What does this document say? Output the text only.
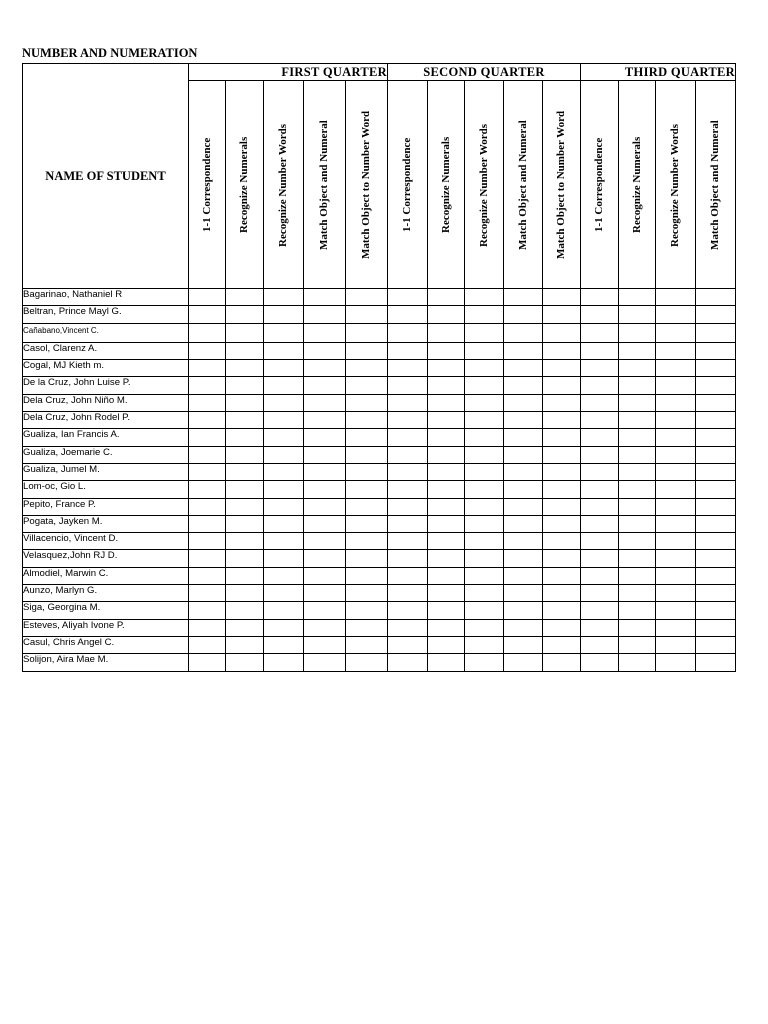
NUMBER AND NUMERATION
NAME OF STUDENT	FIRST QUARTER					SECOND QUARTER					THIRD QUARTER			

	1-1 Correspondence	Recognize Numerals	Recognize Number Words	Match Object and Numeral	Match Object to Number Word	1-1 Correspondence	Recognize Numerals	Recognize Number Words	Match Object and Numeral	Match Object to Number Word	1-1 Correspondence	Recognize Numerals	Recognize Number Words	Match Object and Numeral

Bagarinao, Nathaniel R														
Beltran, Prince Mayl G.														
Cañabano,Vincent C.														
Casol, Clarenz A.														
Cogal, MJ Kieth m.														
De la Cruz, John Luise P.														
Dela Cruz, John Niño M.														
Dela Cruz, John Rodel P.														
Gualiza, Ian Francis A.														
Gualiza, Joemarie C.														
Gualiza, Jumel M.														
Lom-oc, Gio L.														
Pepito, France P.														
Pogata, Jayken M.														
Villacencio, Vincent D.														
Velasquez,John RJ D.														
Almodiel, Marwin C.														
Aunzo, Marlyn G.														
Siga, Georgina M.														
Esteves, Aliyah Ivone P.														
Casul, Chris Angel C.														
Solijon, Aira Mae M.														
